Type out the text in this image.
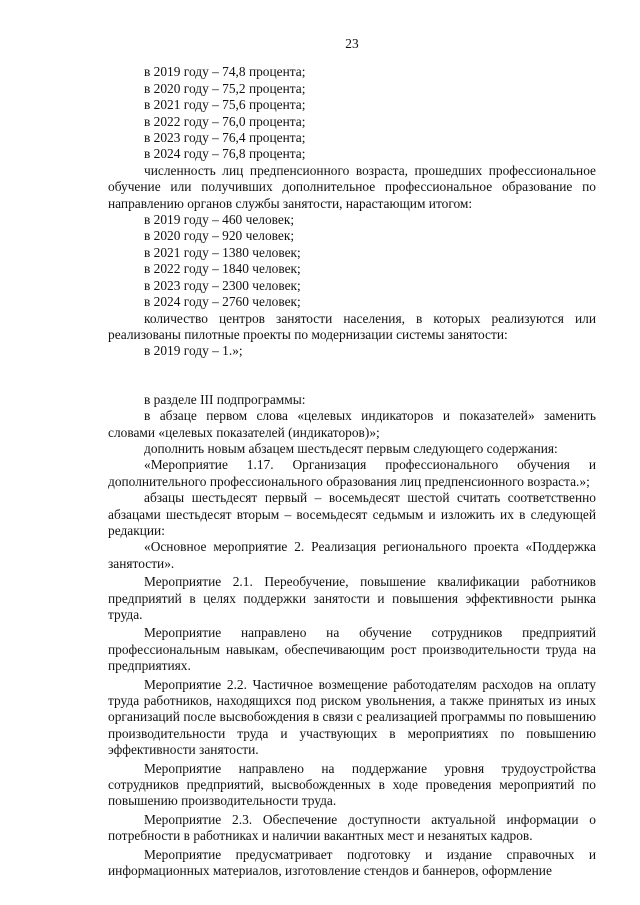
23

в 2019 году – 74,8 процента;

в 2020 году – 75,2 процента;

в 2021 году – 75,6 процента;

в 2022 году – 76,0 процента;

в 2023 году – 76,4 процента;

в 2024 году – 76,8 процента;

численность лиц предпенсионного возраста, прошедших профессиональное обучение или получивших дополнительное профессиональное образование по направлению органов службы занятости, нарастающим итогом:

в 2019 году – 460 человек;

в 2020 году – 920 человек;

в 2021 году – 1380 человек;

в 2022 году – 1840 человек;

в 2023 году – 2300 человек;

в 2024 году – 2760 человек;

количество центров занятости населения, в которых реализуются или реализованы пилотные проекты по модернизации системы занятости:

в 2019 году – 1.»;

в разделе III подпрограммы:

в абзаце первом слова «целевых индикаторов и показателей» заменить словами «целевых показателей (индикаторов)»;

дополнить новым абзацем шестьдесят первым следующего содержания:

«Мероприятие 1.17. Организация профессионального обучения и дополнительного профессионального образования лиц предпенсионного возраста.»;

абзацы шестьдесят первый – восемьдесят шестой считать соответственно абзацами шестьдесят вторым – восемьдесят седьмым и изложить их в следующей редакции:

«Основное мероприятие 2. Реализация регионального проекта «Поддержка занятости».

Мероприятие 2.1. Переобучение, повышение квалификации работников предприятий в целях поддержки занятости и повышения эффективности рынка труда.

Мероприятие направлено на обучение сотрудников предприятий профессиональным навыкам, обеспечивающим рост производительности труда на предприятиях.

Мероприятие 2.2. Частичное возмещение работодателям расходов на оплату труда работников, находящихся под риском увольнения, а также принятых из иных организаций после высвобождения в связи с реализацией программы по повышению производительности труда и участвующих в мероприятиях по повышению эффективности занятости.

Мероприятие направлено на поддержание уровня трудоустройства сотрудников предприятий, высвобожденных в ходе проведения мероприятий по повышению производительности труда.

Мероприятие 2.3. Обеспечение доступности актуальной информации о потребности в работниках и наличии вакантных мест и незанятых кадров.

Мероприятие предусматривает подготовку и издание справочных и информационных материалов, изготовление стендов и баннеров, оформление
